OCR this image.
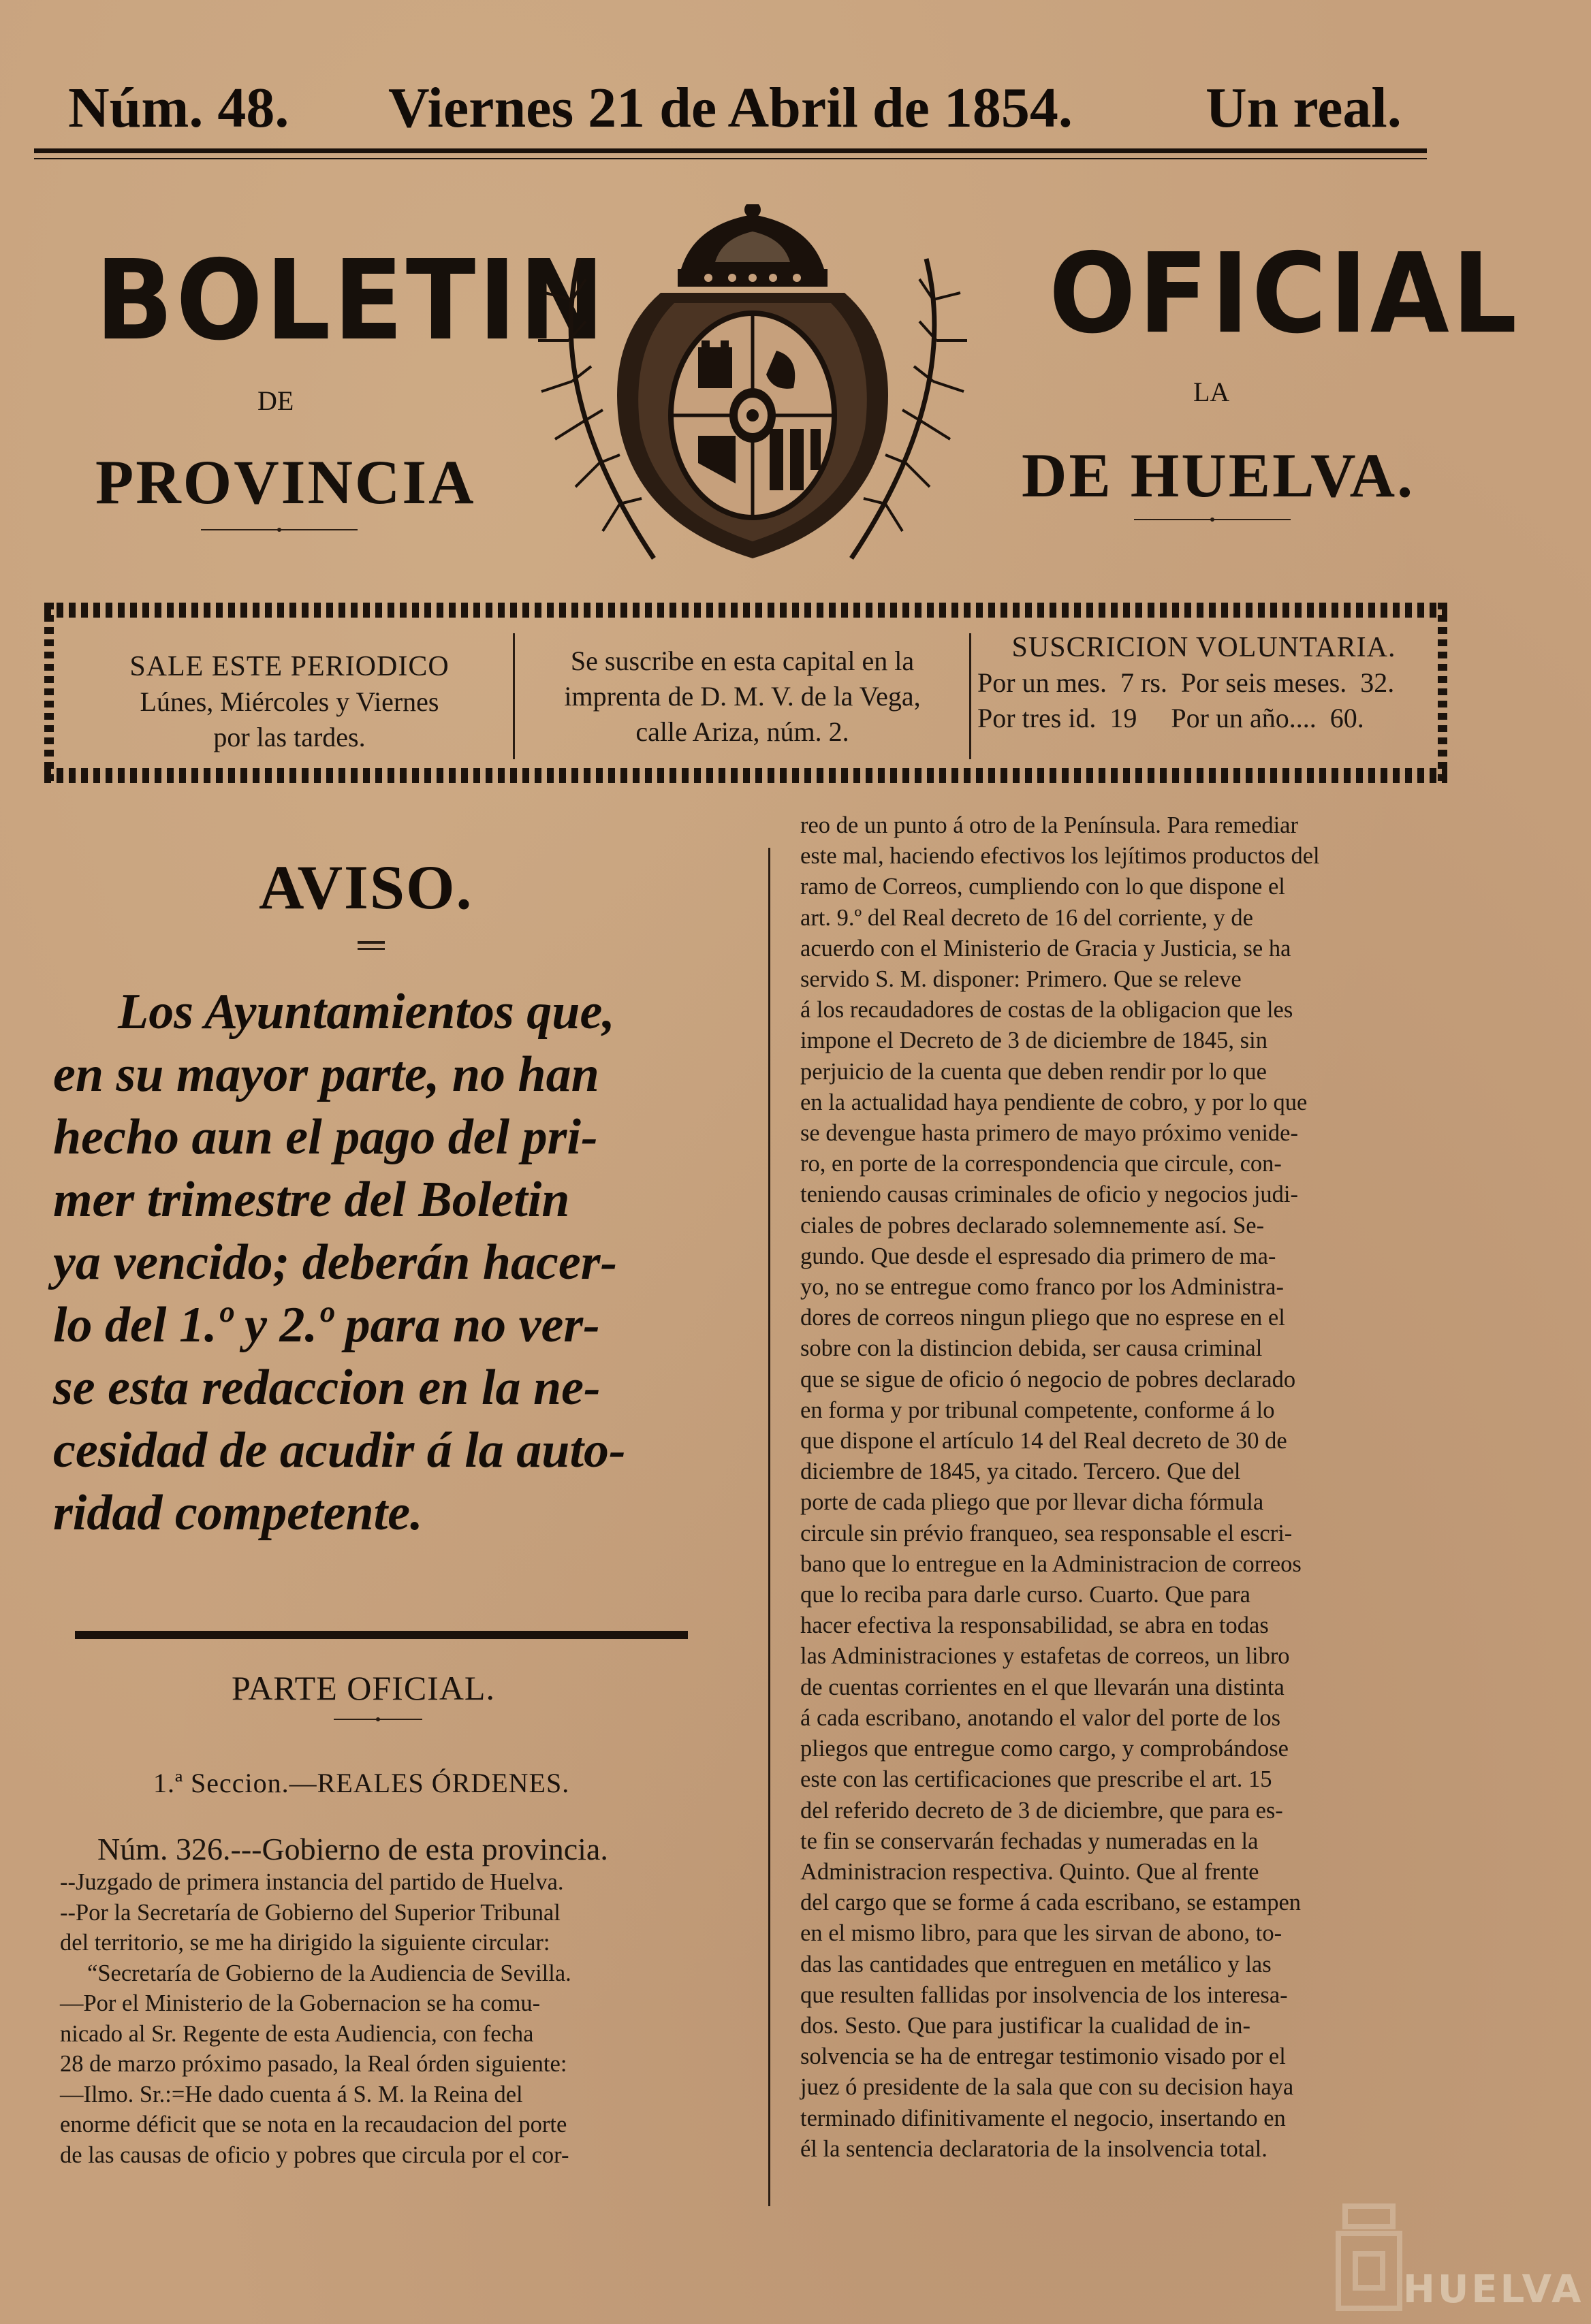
Núm. 48. Viernes 21 de Abril de 1854. Un real.
BOLETIN
DE
PROVINCIA
OFICIAL
LA
DE HUELVA.
SALE ESTE PERIODICO
Lúnes, Miércoles y Viernes
por las tardes.
Se suscribe en esta capital en la
imprenta de D. M. V. de la Vega,
calle Ariza, núm. 2.
SUSCRICION VOLUNTARIA.
Por un mes.  7 rs.  Por seis meses.  32.
Por tres id.  19     Por un año....  60.
AVISO.
Los Ayuntamientos que,
en su mayor parte, no han
hecho aun el pago del pri-
mer trimestre del Boletin
ya vencido; deberán hacer-
lo del 1.º y 2.º para no ver-
se esta redaccion en la ne-
cesidad de acudir á la auto-
ridad competente.
PARTE OFICIAL.
1.ª Seccion.—REALES ÓRDENES.

Núm. 326.---Gobierno de esta provincia.

--Juzgado de primera instancia del partido de Huelva.

--Por la Secretaría de Gobierno del Superior Tribunal

del territorio, se me ha dirigido la siguiente circular:

“Secretaría de Gobierno de la Audiencia de Sevilla.

—Por el Ministerio de la Gobernacion se ha comu-

nicado al Sr. Regente de esta Audiencia, con fecha

28 de marzo próximo pasado, la Real órden siguiente:

—Ilmo. Sr.:=He dado cuenta á S. M. la Reina del

enorme déficit que se nota en la recaudacion del porte

de las causas de oficio y pobres que circula por el cor-

reo de un punto á otro de la Península. Para remediar

este mal, haciendo efectivos los lejítimos productos del

ramo de Correos, cumpliendo con lo que dispone el

art. 9.º del Real decreto de 16 del corriente, y de

acuerdo con el Ministerio de Gracia y Justicia, se ha

servido S. M. disponer: Primero. Que se releve

á los recaudadores de costas de la obligacion que les

impone el Decreto de 3 de diciembre de 1845, sin

perjuicio de la cuenta que deben rendir por lo que

en la actualidad haya pendiente de cobro, y por lo que

se devengue hasta primero de mayo próximo venide-

ro, en porte de la correspondencia que circule, con-

teniendo causas criminales de oficio y negocios judi-

ciales de pobres declarado solemnemente así. Se-

gundo. Que desde el espresado dia primero de ma-

yo, no se entregue como franco por los Administra-

dores de correos ningun pliego que no esprese en el

sobre con la distincion debida, ser causa criminal

que se sigue de oficio ó negocio de pobres declarado

en forma y por tribunal competente, conforme á lo

que dispone el artículo 14 del Real decreto de 30 de

diciembre de 1845, ya citado. Tercero. Que del

porte de cada pliego que por llevar dicha fórmula

circule sin prévio franqueo, sea responsable el escri-

bano que lo entregue en la Administracion de correos

que lo reciba para darle curso. Cuarto. Que para

hacer efectiva la responsabilidad, se abra en todas

las Administraciones y estafetas de correos, un libro

de cuentas corrientes en el que llevarán una distinta

á cada escribano, anotando el valor del porte de los

pliegos que entregue como cargo, y comprobándose

este con las certificaciones que prescribe el art. 15

del referido decreto de 3 de diciembre, que para es-

te fin se conservarán fechadas y numeradas en la

Administracion respectiva. Quinto. Que al frente

del cargo que se forme á cada escribano, se estampen

en el mismo libro, para que les sirvan de abono, to-

das las cantidades que entreguen en metálico y las

que resulten fallidas por insolvencia de los interesa-

dos. Sesto. Que para justificar la cualidad de in-

solvencia se ha de entregar testimonio visado por el

juez ó presidente de la sala que con su decision haya

terminado difinitivamente el negocio, insertando en

él la sentencia declaratoria de la insolvencia total.

HUELVA
